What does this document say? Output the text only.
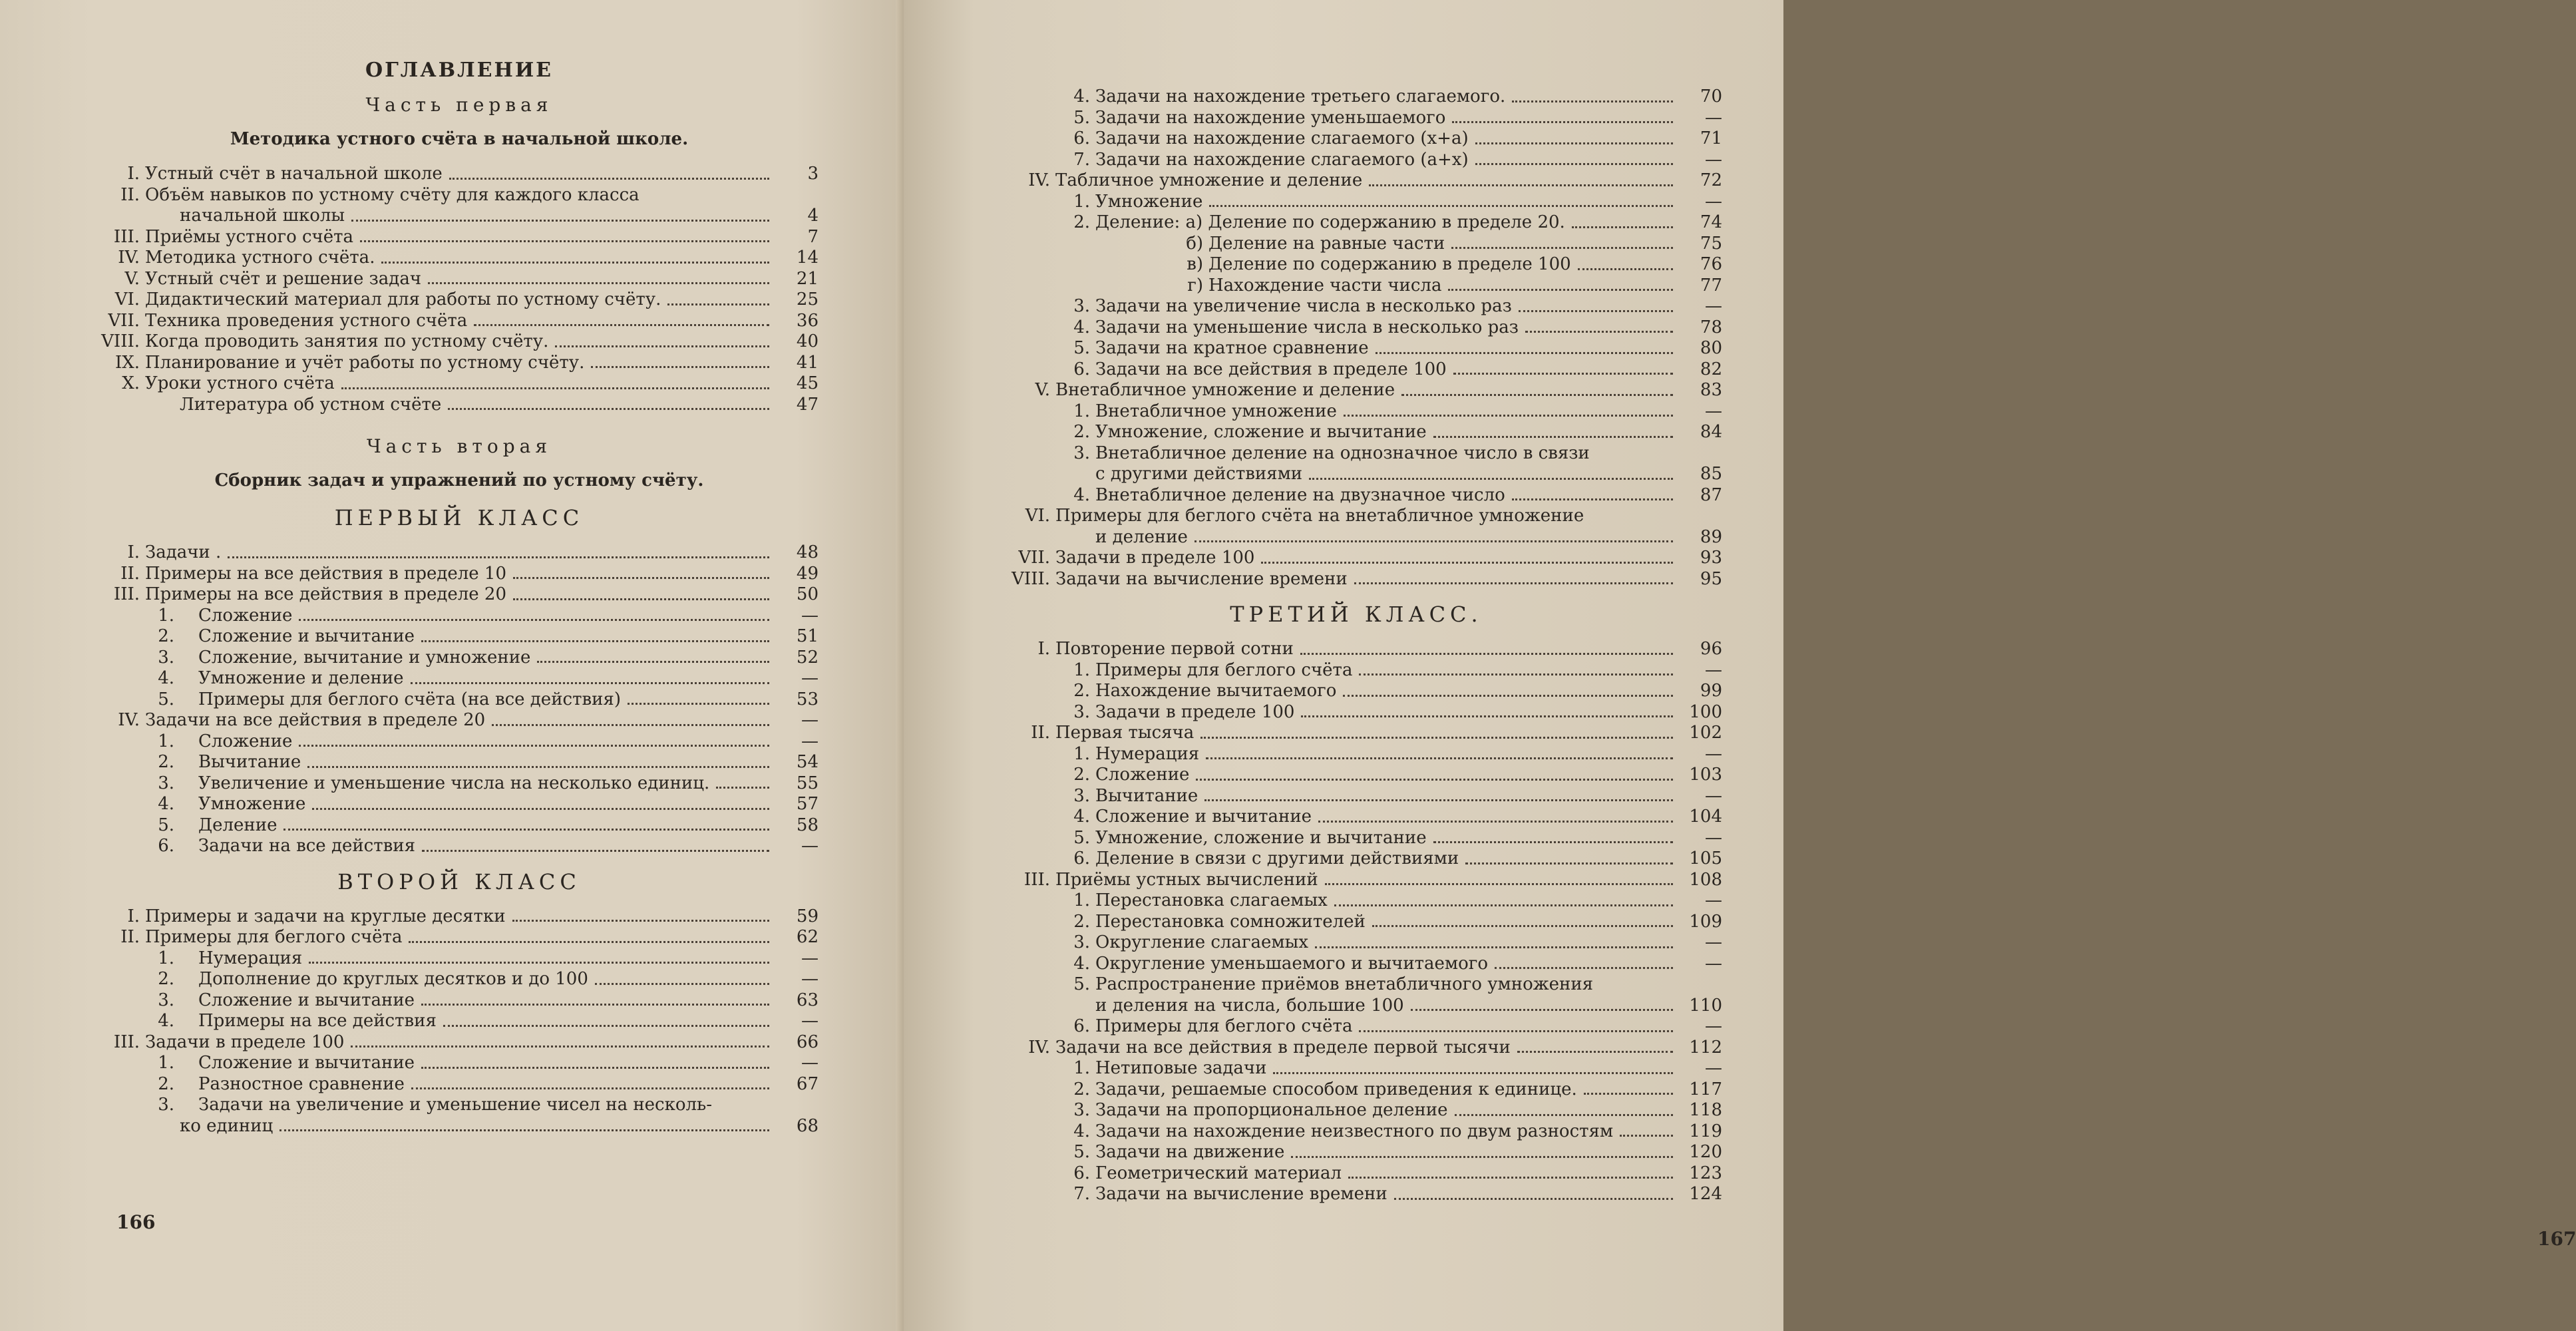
ОГЛАВЛЕНИЕ
Часть первая
Методика устного счёта в начальной школе.
I. Устный счёт в начальной школе	3
II. Объём навыков по устному счёту для каждого класса
начальной школы	4
III. Приёмы устного счёта	7
IV. Методика устного счёта.	14
V. Устный счёт и решение задач	21
VI. Дидактический материал для работы по устному счёту.	25
VII. Техника проведения устного счёта	36
VIII. Когда проводить занятия по устному счёту.	40
IX. Планирование и учёт работы по устному счёту.	41
X. Уроки устного счёта	45
Литература об устном счёте	47
Часть вторая
Сборник задач и упражнений по устному счёту.
ПЕРВЫЙ КЛАСС
I. Задачи .	48
II. Примеры на все действия в пределе 10	49
III. Примеры на все действия в пределе 20	50
1.	Сложение	—
2.	Сложение и вычитание	51
3.	Сложение, вычитание и умножение	52
4.	Умножение и деление	—
5.	Примеры для беглого счёта (на все действия)	53
IV. Задачи на все действия в пределе 20	—
1.	Сложение	—
2.	Вычитание	54
3.	Увеличение и уменьшение числа на несколько единиц.	55
4.	Умножение	57
5.	Деление	58
6.	Задачи на все действия	—
ВТОРОЙ КЛАСС
I. Примеры и задачи на круглые десятки	59
II. Примеры для беглого счёта	62
1.	Нумерация	—
2.	Дополнение до круглых десятков и до 100	—
3.	Сложение и вычитание	63
4.	Примеры на все действия	—
III. Задачи в пределе 100	66
1.	Сложение и вычитание	—
2.	Разностное сравнение	67
3.	Задачи на увеличение и уменьшение чисел на несколь-
ко единиц	68
166
4. Задачи на нахождение третьего слагаемого.	70
5. Задачи на нахождение уменьшаемого	—
6. Задачи на нахождение слагаемого (x+a)	71
7. Задачи на нахождение слагаемого (a+x)	—
IV. Табличное умножение и деление	72
1. Умножение	—
2. Деление: а) Деление по содержанию в пределе 20.	74
б) Деление на равные части	75
в) Деление по содержанию в пределе 100	76
г) Нахождение части числа	77
3. Задачи на увеличение числа в несколько раз	—
4. Задачи на уменьшение числа в несколько раз	78
5. Задачи на кратное сравнение	80
6. Задачи на все действия в пределе 100	82
V. Внетабличное умножение и деление	83
1. Внетабличное умножение	—
2. Умножение, сложение и вычитание	84
3. Внетабличное деление на однозначное число в связи
с другими действиями	85
4. Внетабличное деление на двузначное число	87
VI. Примеры для беглого счёта на внетабличное умножение
и деление	89
VII. Задачи в пределе 100	93
VIII. Задачи на вычисление времени	95
ТРЕТИЙ КЛАСС.
I. Повторение первой сотни	96
1. Примеры для беглого счёта	—
2. Нахождение вычитаемого	99
3. Задачи в пределе 100	100
II. Первая тысяча	102
1. Нумерация	—
2. Сложение	103
3. Вычитание	—
4. Сложение и вычитание	104
5. Умножение, сложение и вычитание	—
6. Деление в связи с другими действиями	105
III. Приёмы устных вычислений	108
1. Перестановка слагаемых	—
2. Перестановка сомножителей	109
3. Округление слагаемых	—
4. Округление уменьшаемого и вычитаемого	—
5. Распространение приёмов внетабличного умножения
и деления на числа, большие 100	110
6. Примеры для беглого счёта	—
IV. Задачи на все действия в пределе первой тысячи	112
1. Нетиповые задачи	—
2. Задачи, решаемые способом приведения к единице.	117
3. Задачи на пропорциональное деление	118
4. Задачи на нахождение неизвестного по двум разностям	119
5. Задачи на движение	120
6. Геометрический материал	123
7. Задачи на вычисление времени	124
167
